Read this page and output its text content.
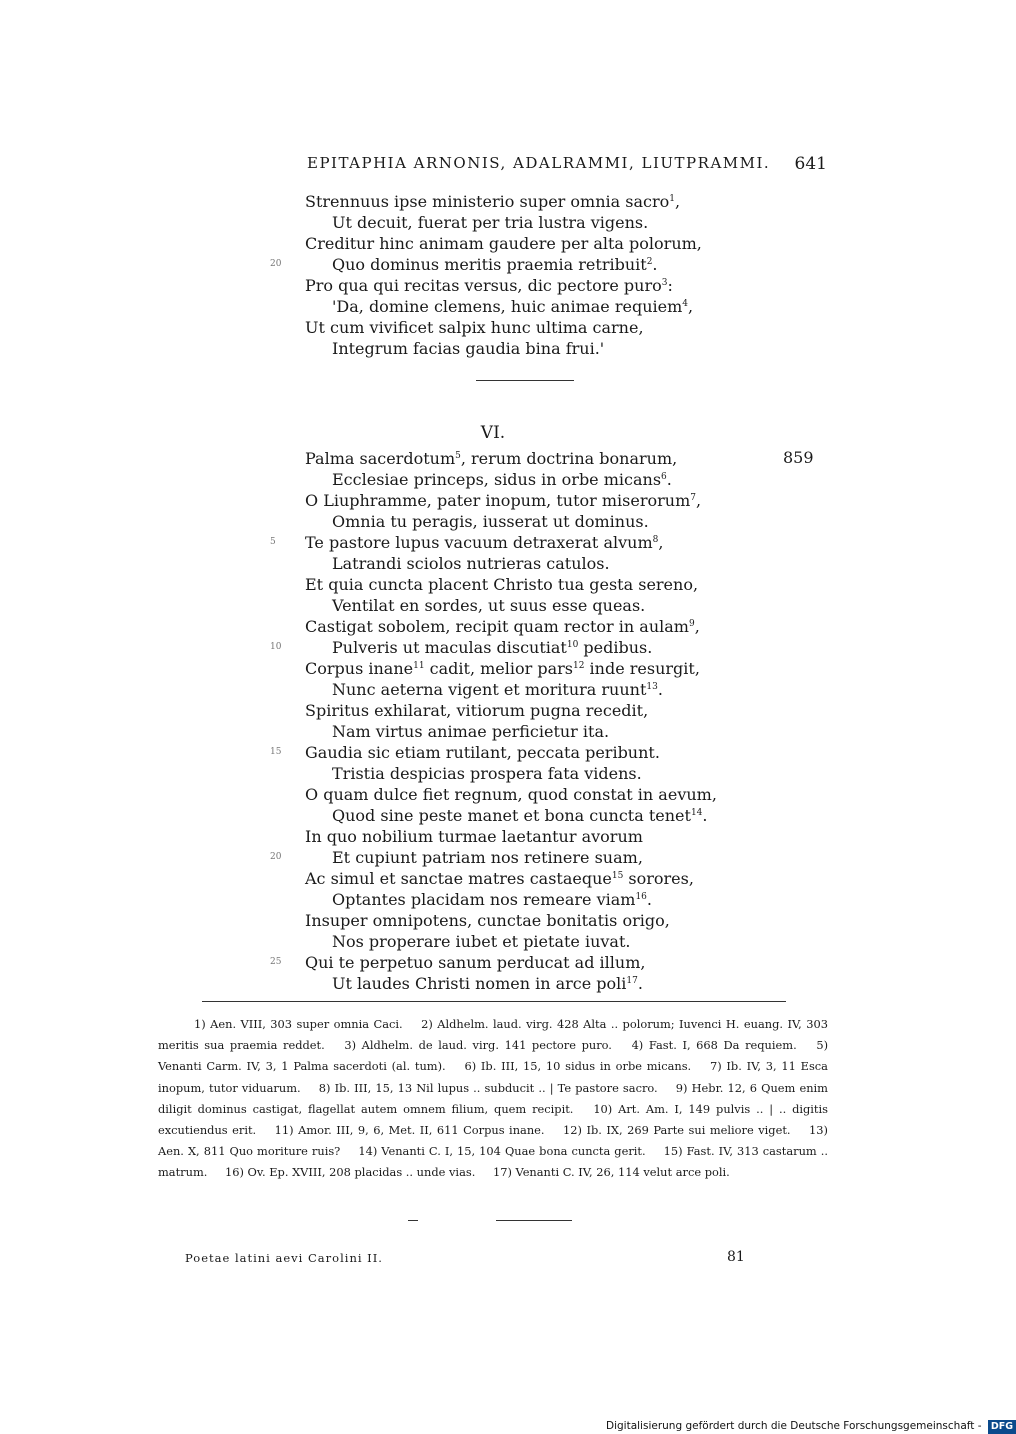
EPITAPHIA ARNONIS, ADALRAMMI, LIUTPRAMMI. 641
Strennuus ipse ministerio super omnia sacro$^1$,
Ut decuit, fuerat per tria lustra vigens.
Creditur hinc animam gaudere per alta polorum,
20	Quo dominus meritis praemia retribuit$^2$.
Pro qua qui recitas versus, dic pectore puro$^3$:
'Da, domine clemens, huic animae requiem$^4$,
Ut cum vivificet salpix hunc ultima carne,
Integrum facias gaudia bina frui.'
VI.
859
Palma sacerdotum$^5$, rerum doctrina bonarum,
Ecclesiae princeps, sidus in orbe micans$^6$.
O Liuphramme, pater inopum, tutor miserorum$^7$,
Omnia tu peragis, iusserat ut dominus.
5 Te pastore lupus vacuum detraxerat alvum$^8$,
Latrandi sciolos nutrieras catulos.
Et quia cuncta placent Christo tua gesta sereno,
Ventilat en sordes, ut suus esse queas.
Castigat sobolem, recipit quam rector in aulam$^9$,
10	Pulveris ut maculas discutiat$^{10}$ pedibus.
Corpus inane$^{11}$ cadit, melior pars$^{12}$ inde resurgit,
Nunc aeterna vigent et moritura ruunt$^{13}$.
Spiritus exhilarat, vitiorum pugna recedit,
Nam virtus animae perficietur ita.
15 Gaudia sic etiam rutilant, peccata peribunt.
Tristia despicias prospera fata videns.
O quam dulce fiet regnum, quod constat in aevum,
Quod sine peste manet et bona cuncta tenet$^{14}$.
In quo nobilium turmae laetantur avorum
20	Et cupiunt patriam nos retinere suam,
Ac simul et sanctae matres castaeque$^{15}$ sorores,
Optantes placidam nos remeare viam$^{16}$.
Insuper omnipotens, cunctae bonitatis origo,
Nos properare iubet et pietate iuvat.
25 Qui te perpetuo sanum perducat ad illum,
Ut laudes Christi nomen in arce poli$^{17}$.
1) Aen. VIII, 303 super omnia Caci. 2) Aldhelm. laud. virg. 428 Alta .. polorum; Iuvenci H. euang. IV, 303 meritis sua praemia reddet. 3) Aldhelm. de laud. virg. 141 pectore puro. 4) Fast. I, 668 Da requiem. 5) Venanti Carm. IV, 3, 1 Palma sacerdoti (al. tum). 6) Ib. III, 15, 10 sidus in orbe micans. 7) Ib. IV, 3, 11 Esca inopum, tutor viduarum. 8) Ib. III, 15, 13 Nil lupus .. subducit .. | Te pastore sacro. 9) Hebr. 12, 6 Quem enim diligit dominus castigat, flagellat autem omnem filium, quem recipit. 10) Art. Am. I, 149 pulvis .. | .. digitis excutiendus erit. 11) Amor. III, 9, 6, Met. II, 611 Corpus inane. 12) Ib. IX, 269 Parte sui meliore viget. 13) Aen. X, 811 Quo moriture ruis? 14) Venanti C. I, 15, 104 Quae bona cuncta gerit. 15) Fast. IV, 313 castarum .. matrum. 16) Ov. Ep. XVIII, 208 placidas .. unde vias. 17) Venanti C. IV, 26, 114 velut arce poli.
Poetae latini aevi Carolini II.	81
Digitalisierung gefördert durch die Deutsche Forschungsgemeinschaft - DFG
